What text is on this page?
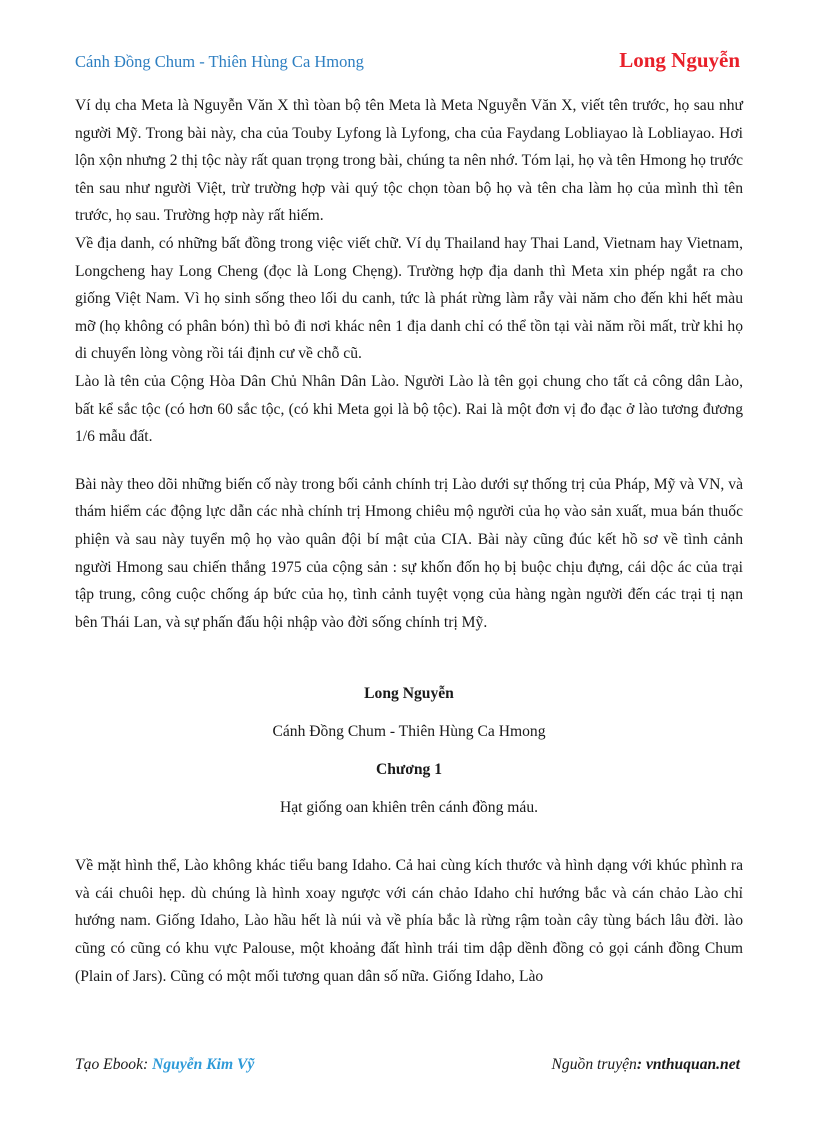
Cánh Đồng Chum - Thiên Hùng Ca Hmong	Long Nguyễn

Ví dụ cha Meta là Nguyễn Văn X thì tòan bộ tên Meta là Meta Nguyễn Văn X, viết tên trước, họ sau như người Mỹ. Trong bài này, cha của Touby Lyfong là Lyfong, cha của Faydang Lobliayao là Lobliayao. Hơi lộn xộn nhưng 2 thị tộc này rất quan trọng trong bài, chúng ta nên nhớ. Tóm lại, họ và tên Hmong họ trước tên sau như người Việt, trừ trường hợp vài quý tộc chọn tòan bộ họ và tên cha làm họ của mình thì tên trước, họ sau. Trường hợp này rất hiếm.

Về địa danh, có những bất đồng trong việc viết chữ. Ví dụ Thailand hay Thai Land, Vietnam hay Vietnam, Longcheng hay Long Cheng (đọc là Long Chẹng). Trường hợp địa danh thì Meta xin phép ngắt ra cho giống Việt Nam. Vì họ sinh sống theo lối du canh, tức là phát rừng làm rẫy vài năm cho đến khi hết màu mỡ (họ không có phân bón) thì bỏ đi nơi khác nên 1 địa danh chỉ có thể tồn tại vài năm rồi mất, trừ khi họ di chuyển lòng vòng rồi tái định cư về chỗ cũ.

Lào là tên của Cộng Hòa Dân Chủ Nhân Dân Lào. Người Lào là tên gọi chung cho tất cả công dân Lào, bất kể sắc tộc (có hơn 60 sắc tộc, (có khi Meta gọi là bộ tộc). Rai là một đơn vị đo đạc ở lào tương đương 1/6 mẫu đất.

Bài này theo dõi những biến cố này trong bối cảnh chính trị Lào dưới sự thống trị của Pháp, Mỹ và VN, và thám hiểm các động lực dẫn các nhà chính trị Hmong chiêu mộ người của họ vào sản xuất, mua bán thuốc phiện và sau này tuyển mộ họ vào quân đội bí mật của CIA. Bài này cũng đúc kết hồ sơ về tình cảnh người Hmong sau chiến thắng 1975 của cộng sản : sự khốn đốn họ bị buộc chịu đựng, cái dộc ác của trại tập trung, công cuộc chống áp bức của họ, tình cảnh tuyệt vọng của hàng ngàn người đến các trại tị nạn bên Thái Lan, và sự phấn đấu hội nhập vào đời sống chính trị Mỹ.

Long Nguyễn

Cánh Đồng Chum - Thiên Hùng Ca Hmong

Chương 1

Hạt giống oan khiên trên cánh đồng máu.

Về mặt hình thể, Lào không khác tiểu bang Idaho. Cả hai cùng kích thước và hình dạng với khúc phình ra và cái chuôi hẹp. dù chúng là hình xoay ngược với cán chảo Idaho chỉ hướng bắc và cán chảo Lào chỉ hướng nam. Giống Idaho, Lào hầu hết là núi và về phía bắc là rừng rậm toàn cây tùng bách lâu đời. lào cũng có cũng có khu vực Palouse, một khoảng đất hình trái tim dập dềnh đồng cỏ gọi cánh đồng Chum (Plain of Jars). Cũng có một mối tương quan dân số nữa. Giống Idaho, Lào

Tạo Ebook: Nguyễn Kim Vỹ	Nguồn truyện: vnthuquan.net
